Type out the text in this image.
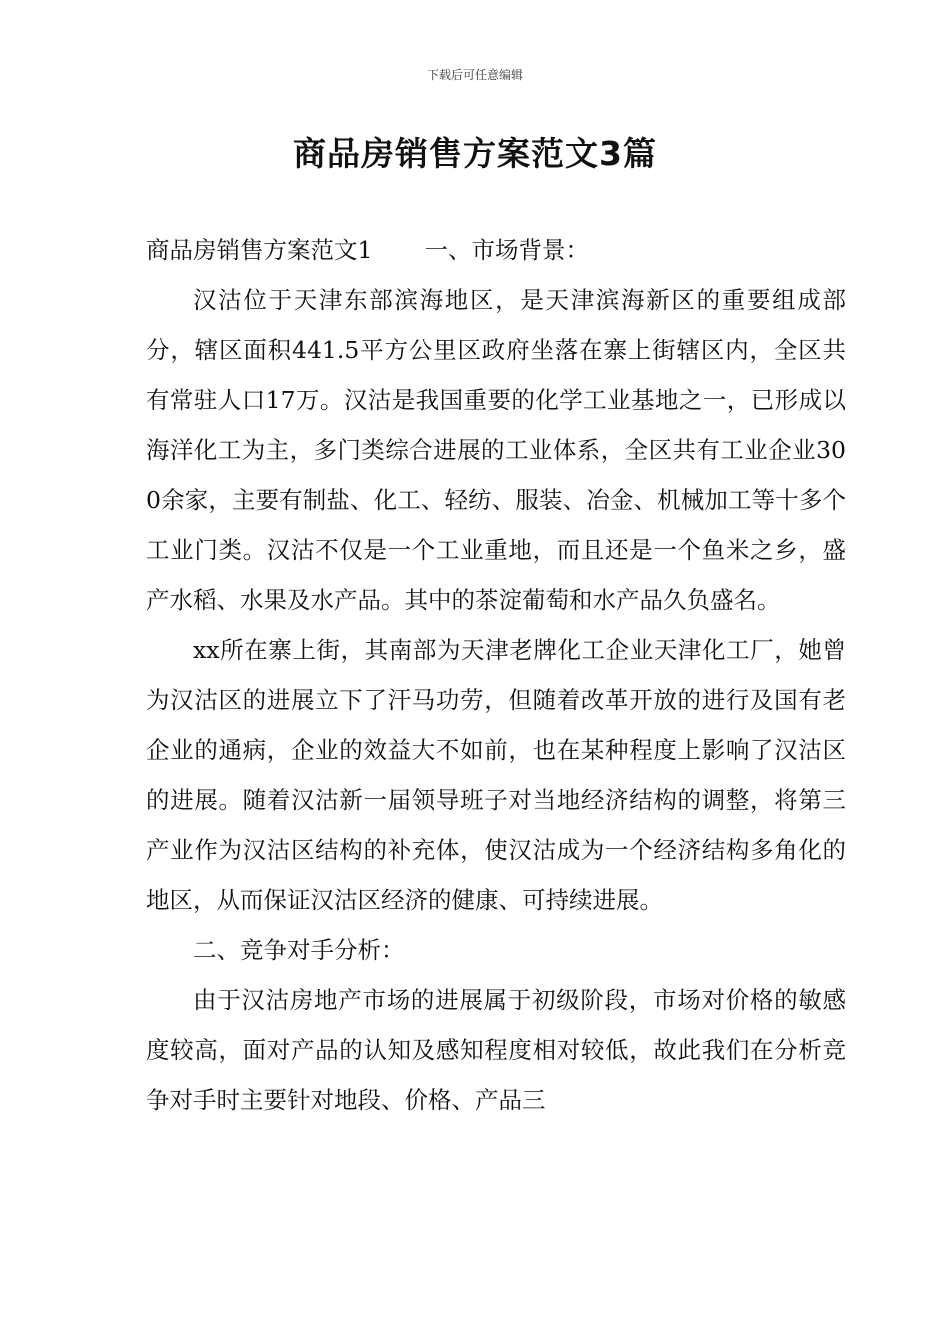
下载后可任意编辑
商品房销售方案范文3篇

商品房销售方案范文1 一、市场背景：

汉沽位于天津东部滨海地区，是天津滨海新区的重要组成部分，辖区面积441.5平方公里区政府坐落在寨上街辖区内，全区共有常驻人口17万。汉沽是我国重要的化学工业基地之一，已形成以海洋化工为主，多门类综合进展的工业体系，全区共有工业企业300余家，主要有制盐、化工、轻纺、服装、冶金、机械加工等十多个工业门类。汉沽不仅是一个工业重地，而且还是一个鱼米之乡，盛产水稻、水果及水产品。其中的茶淀葡萄和水产品久负盛名。

xx所在寨上街，其南部为天津老牌化工企业天津化工厂，她曾为汉沽区的进展立下了汗马功劳，但随着改革开放的进行及国有老企业的通病，企业的效益大不如前，也在某种程度上影响了汉沽区的进展。随着汉沽新一届领导班子对当地经济结构的调整，将第三产业作为汉沽区结构的补充体，使汉沽成为一个经济结构多角化的地区，从而保证汉沽区经济的健康、可持续进展。

二、竞争对手分析：

由于汉沽房地产市场的进展属于初级阶段，市场对价格的敏感度较高，面对产品的认知及感知程度相对较低，故此我们在分析竞争对手时主要针对地段、价格、产品三
